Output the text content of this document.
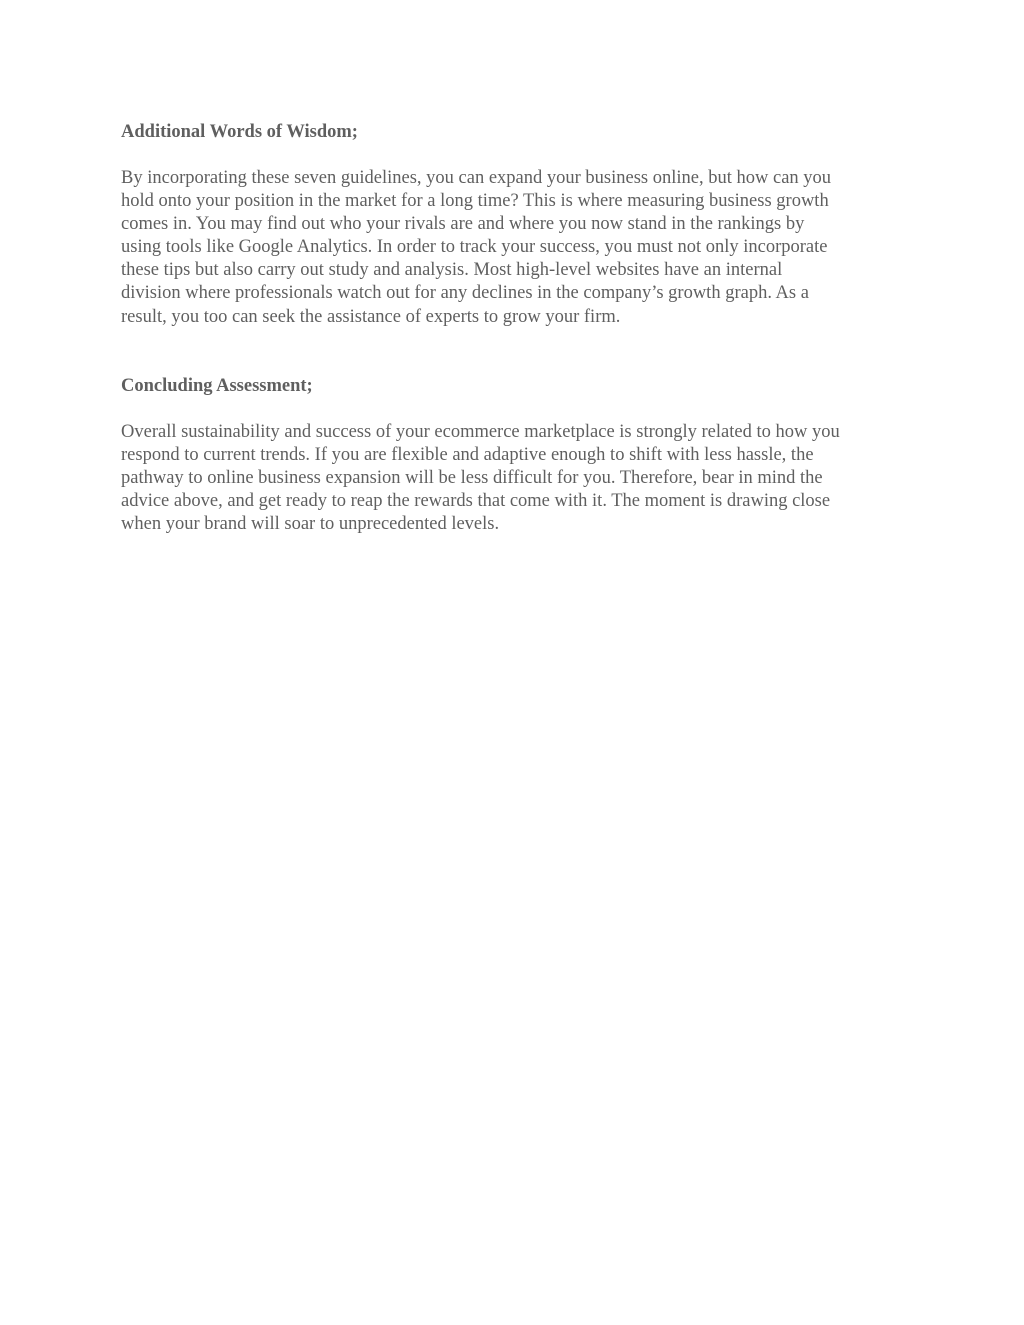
Additional Words of Wisdom;

By incorporating these seven guidelines, you can expand your business online, but how can you
hold onto your position in the market for a long time? This is where measuring business growth
comes in. You may find out who your rivals are and where you now stand in the rankings by
using tools like Google Analytics. In order to track your success, you must not only incorporate
these tips but also carry out study and analysis. Most high-level websites have an internal
division where professionals watch out for any declines in the company’s growth graph. As a
result, you too can seek the assistance of experts to grow your firm.

Concluding Assessment;

Overall sustainability and success of your ecommerce marketplace is strongly related to how you
respond to current trends. If you are flexible and adaptive enough to shift with less hassle, the
pathway to online business expansion will be less difficult for you. Therefore, bear in mind the
advice above, and get ready to reap the rewards that come with it. The moment is drawing close
when your brand will soar to unprecedented levels.
